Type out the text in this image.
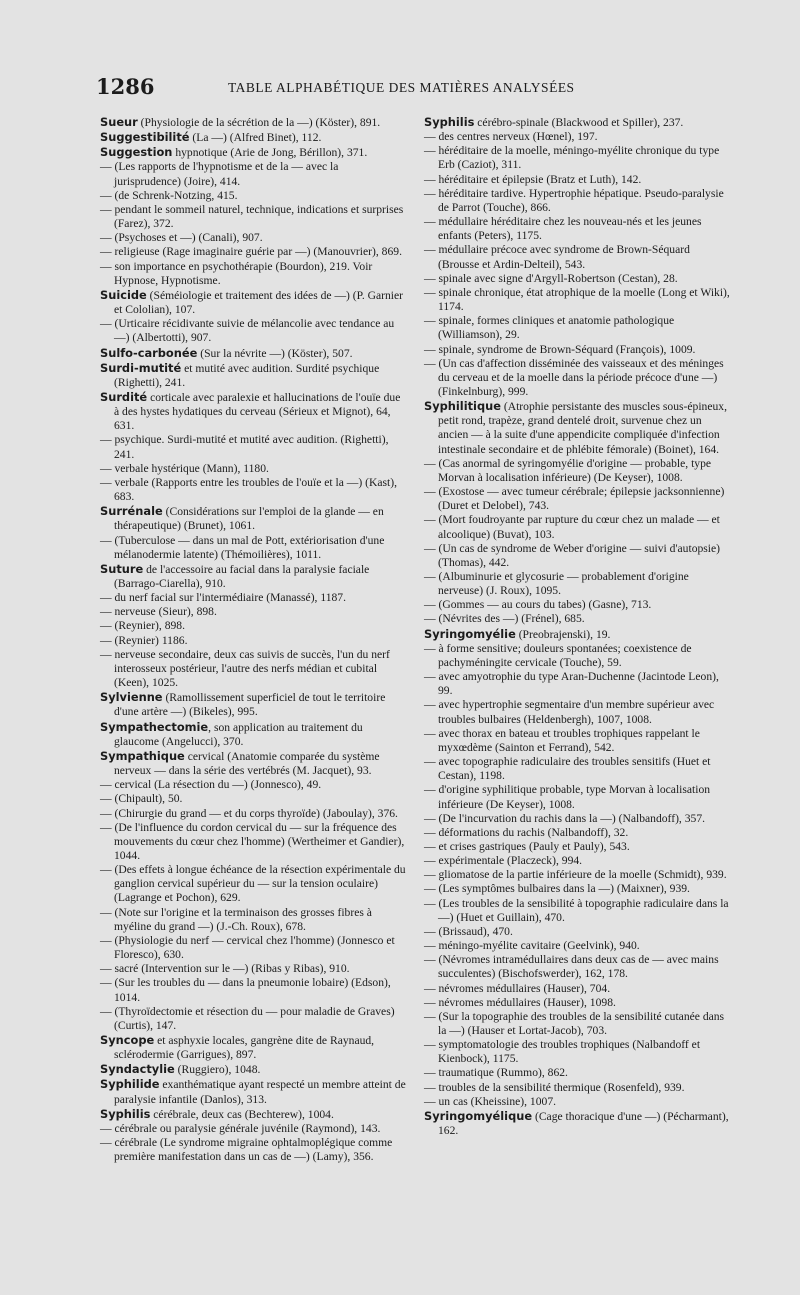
1286	TABLE ALPHABÉTIQUE DES MATIÈRES ANALYSÉES

Sueur (Physiologie de la sécrétion de la —) (Köster), 891.

Suggestibilité (La —) (Alfred Binet), 112.

Suggestion hypnotique (Arie de Jong, Bérillon), 371.

— (Les rapports de l'hypnotisme et de la — avec la jurisprudence) (Joire), 414.

— (de Schrenk-Notzing, 415.

— pendant le sommeil naturel, technique, indications et surprises (Farez), 372.

— (Psychoses et —) (Canali), 907.

— religieuse (Rage imaginaire guérie par —) (Manouvrier), 869.

— son importance en psychothérapie (Bourdon), 219. Voir Hypnose, Hypnotisme.

Suicide (Séméiologie et traitement des idées de —) (P. Garnier et Cololian), 107.

— (Urticaire récidivante suivie de mélancolie avec tendance au —) (Albertotti), 907.

Sulfo-carbonée (Sur la névrite —) (Köster), 507.

Surdi-mutité et mutité avec audition. Surdité psychique (Righetti), 241.

Surdité corticale avec paralexie et hallucinations de l'ouïe due à des hystes hydatiques du cerveau (Sérieux et Mignot), 64, 631.

— psychique. Surdi-mutité et mutité avec audition. (Righetti), 241.

— verbale hystérique (Mann), 1180.

— verbale (Rapports entre les troubles de l'ouïe et la —) (Kast), 683.

Surrénale (Considérations sur l'emploi de la glande — en thérapeutique) (Brunet), 1061.

— (Tuberculose — dans un mal de Pott, extériorisation d'une mélanodermie latente) (Thémoilières), 1011.

Suture de l'accessoire au facial dans la paralysie faciale (Barrago-Ciarella), 910.

— du nerf facial sur l'intermédiaire (Manassé), 1187.

— nerveuse (Sieur), 898.

— (Reynier), 898.

— (Reynier) 1186.

— nerveuse secondaire, deux cas suivis de succès, l'un du nerf interosseux postérieur, l'autre des nerfs médian et cubital (Keen), 1025.

Sylvienne (Ramollissement superficiel de tout le territoire d'une artère —) (Bikeles), 995.

Sympathectomie, son application au traitement du glaucome (Angelucci), 370.

Sympathique cervical (Anatomie comparée du système nerveux — dans la série des vertébrés (M. Jacquet), 93.

— cervical (La résection du —) (Jonnesco), 49.

— (Chipault), 50.

— (Chirurgie du grand — et du corps thyroïde) (Jaboulay), 376.

— (De l'influence du cordon cervical du — sur la fréquence des mouvements du cœur chez l'homme) (Wertheimer et Gandier), 1044.

— (Des effets à longue échéance de la résection expérimentale du ganglion cervical supérieur du — sur la tension oculaire) (Lagrange et Pochon), 629.

— (Note sur l'origine et la terminaison des grosses fibres à myéline du grand —) (J.-Ch. Roux), 678.

— (Physiologie du nerf — cervical chez l'homme) (Jonnesco et Floresco), 630.

— sacré (Intervention sur le —) (Ribas y Ribas), 910.

— (Sur les troubles du — dans la pneumonie lobaire) (Edson), 1014.

— (Thyroïdectomie et résection du — pour maladie de Graves) (Curtis), 147.

Syncope et asphyxie locales, gangrène dite de Raynaud, sclérodermie (Garrigues), 897.

Syndactylie (Ruggiero), 1048.

Syphilide exanthématique ayant respecté un membre atteint de paralysie infantile (Danlos), 313.

Syphilis cérébrale, deux cas (Bechterew), 1004.

— cérébrale ou paralysie générale juvénile (Raymond), 143.

— cérébrale (Le syndrome migraine ophtalmoplégique comme première manifestation dans un cas de —) (Lamy), 356.

Syphilis cérébro-spinale (Blackwood et Spiller), 237.

— des centres nerveux (Hœnel), 197.

— héréditaire de la moelle, méningo-myélite chronique du type Erb (Caziot), 311.

— héréditaire et épilepsie (Bratz et Luth), 142.

— héréditaire tardive. Hypertrophie hépatique. Pseudo-paralysie de Parrot (Touche), 866.

— médullaire héréditaire chez les nouveau-nés et les jeunes enfants (Peters), 1175.

— médullaire précoce avec syndrome de Brown-Séquard (Brousse et Ardin-Delteil), 543.

— spinale avec signe d'Argyll-Robertson (Cestan), 28.

— spinale chronique, état atrophique de la moelle (Long et Wiki), 1174.

— spinale, formes cliniques et anatomie pathologique (Williamson), 29.

— spinale, syndrome de Brown-Séquard (François), 1009.

— (Un cas d'affection disséminée des vaisseaux et des méninges du cerveau et de la moelle dans la période précoce d'une —) (Finkelnburg), 999.

Syphilitique (Atrophie persistante des muscles sous-épineux, petit rond, trapèze, grand dentelé droit, survenue chez un ancien — à la suite d'une appendicite compliquée d'infection intestinale secondaire et de phlébite fémorale) (Boinet), 164.

— (Cas anormal de syringomyélie d'origine — probable, type Morvan à localisation inférieure) (De Keyser), 1008.

— (Exostose — avec tumeur cérébrale; épilepsie jacksonnienne) (Duret et Delobel), 743.

— (Mort foudroyante par rupture du cœur chez un malade — et alcoolique) (Buvat), 103.

— (Un cas de syndrome de Weber d'origine — suivi d'autopsie) (Thomas), 442.

— (Albuminurie et glycosurie — probablement d'origine nerveuse) (J. Roux), 1095.

— (Gommes — au cours du tabes) (Gasne), 713.

— (Névrites des —) (Frénel), 685.

Syringomyélie (Preobrajenski), 19.

— à forme sensitive; douleurs spontanées; coexistence de pachyméningite cervicale (Touche), 59.

— avec amyotrophie du type Aran-Duchenne (Jacintode Leon), 99.

— avec hypertrophie segmentaire d'un membre supérieur avec troubles bulbaires (Heldenbergh), 1007, 1008.

— avec thorax en bateau et troubles trophiques rappelant le myxœdème (Sainton et Ferrand), 542.

— avec topographie radiculaire des troubles sensitifs (Huet et Cestan), 1198.

— d'origine syphilitique probable, type Morvan à localisation inférieure (De Keyser), 1008.

— (De l'incurvation du rachis dans la —) (Nalbandoff), 357.

— déformations du rachis (Nalbandoff), 32.

— et crises gastriques (Pauly et Pauly), 543.

— expérimentale (Placzeck), 994.

— gliomatose de la partie inférieure de la moelle (Schmidt), 939.

— (Les symptômes bulbaires dans la —) (Maixner), 939.

— (Les troubles de la sensibilité à topographie radiculaire dans la —) (Huet et Guillain), 470.

— (Brissaud), 470.

— méningo-myélite cavitaire (Geelvink), 940.

— (Névromes intramédullaires dans deux cas de — avec mains succulentes) (Bischofswerder), 162, 178.

— névromes médullaires (Hauser), 704.

— névromes médullaires (Hauser), 1098.

— (Sur la topographie des troubles de la sensibilité cutanée dans la —) (Hauser et Lortat-Jacob), 703.

— symptomatologie des troubles trophiques (Nalbandoff et Kienbock), 1175.

— traumatique (Rummo), 862.

— troubles de la sensibilité thermique (Rosenfeld), 939.

— un cas (Kheissine), 1007.

Syringomyélique (Cage thoracique d'une —) (Pécharmant), 162.
